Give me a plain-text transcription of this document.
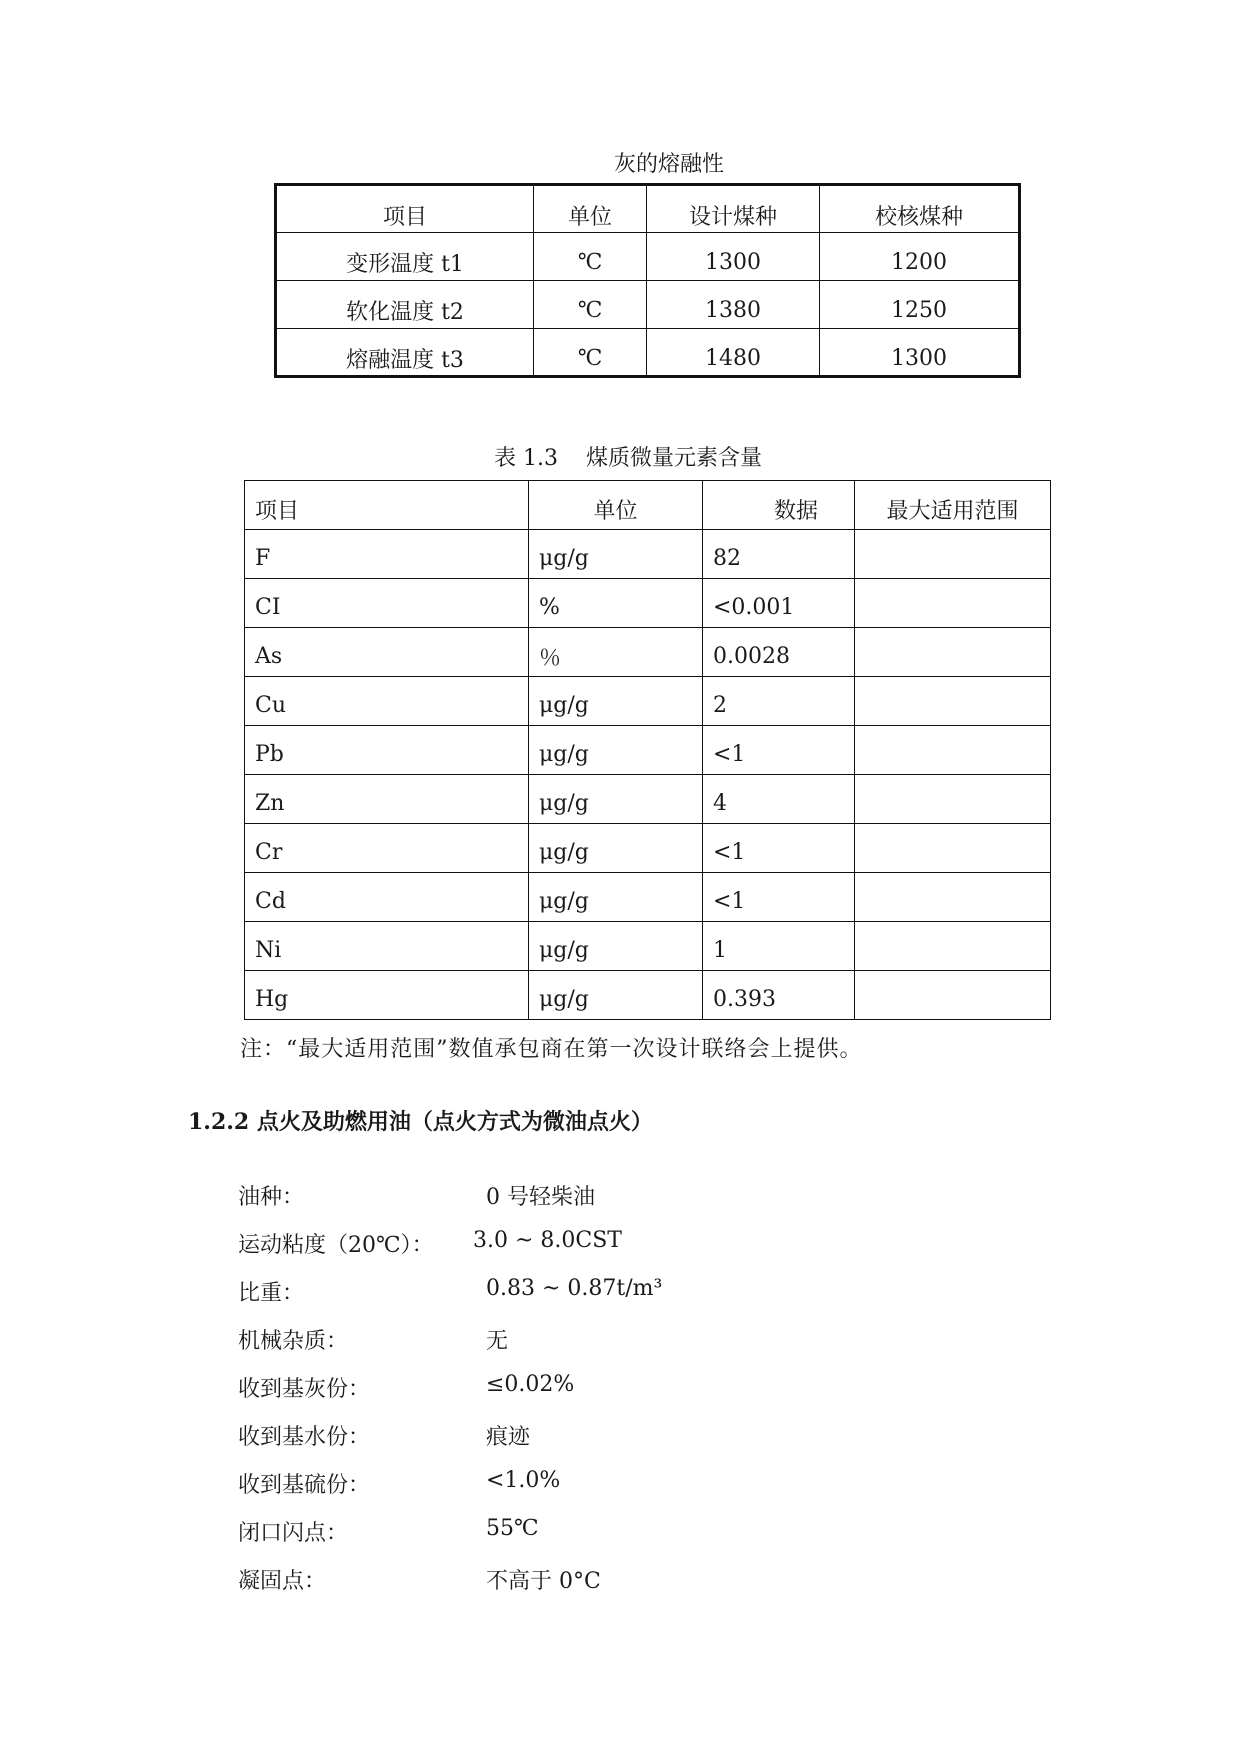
灰的熔融性
项目	单位	设计煤种	校核煤种
变形温度 t1	℃	1300	1200
软化温度 t2	℃	1380	1250
熔融温度 t3	℃	1480	1300
表 1.3    煤质微量元素含量
项目	单位	数据	最大适用范围
F	μg/g	82	
CI	%	<0.001	
As	％	0.0028	
Cu	μg/g	2	
Pb	μg/g	<1	
Zn	μg/g	4	
Cr	μg/g	<1	
Cd	μg/g	<1	
Ni	μg/g	1	
Hg	μg/g	0.393	
注：“最大适用范围”数值承包商在第一次设计联络会上提供。
1.2.2 点火及助燃用油（点火方式为微油点火）
油种：	0 号轻柴油
运动粘度（20℃）： 3.0 ~ 8.0CST
比重：	0.83 ~ 0.87t/m³
机械杂质：	无
收到基灰份：	≤0.02%
收到基水份：	痕迹
收到基硫份：	<1.0%
闭口闪点：	55℃
凝固点：	不高于 0°C
